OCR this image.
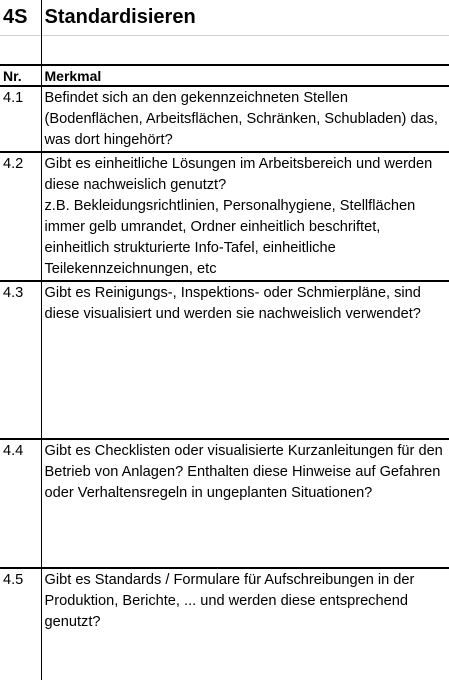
4S	Standardisieren

Nr.	Merkmal
4.1	Befindet sich an den gekennzeichneten Stellen (Bodenflächen, Arbeitsflächen, Schränken, Schubladen) das, was dort hingehört?
4.2	Gibt es einheitliche Lösungen im Arbeitsbereich und werden diese nachweislich genutzt?
z.B. Bekleidungsrichtlinien, Personalhygiene, Stellflächen immer gelb umrandet, Ordner einheitlich beschriftet, einheitlich strukturierte Info-Tafel, einheitliche Teilekennzeichnungen, etc

4.3	Gibt es Reinigungs-, Inspektions- oder Schmierpläne, sind diese visualisiert und werden sie nachweislich verwendet?
4.4	Gibt es Checklisten oder visualisierte Kurzanleitungen für den Betrieb von Anlagen? Enthalten diese Hinweise auf Gefahren oder Verhaltensregeln in ungeplanten Situationen?
4.5	Gibt es Standards / Formulare für Aufschreibungen in der Produktion, Berichte, ... und werden diese entsprechend genutzt?
